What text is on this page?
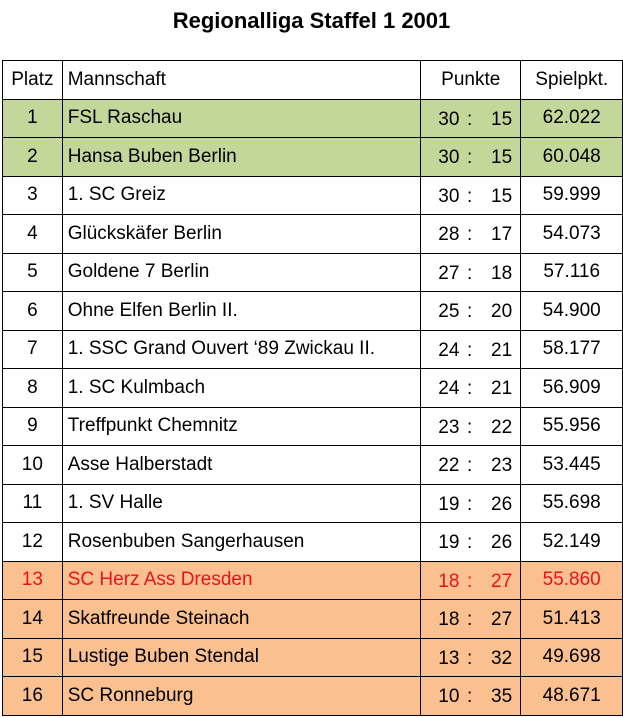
Regionalliga Staffel 1 2001
Platz	Mannschaft	Punkte	Spielpkt.
1	FSL Raschau	30 : 15	62.022
2	Hansa Buben Berlin	30 : 15	60.048
3	1. SC Greiz	30 : 15	59.999
4	Glückskäfer Berlin	28 : 17	54.073
5	Goldene 7 Berlin	27 : 18	57.116
6	Ohne Elfen Berlin II.	25 : 20	54.900
7	1. SSC Grand Ouvert ‘89 Zwickau II.	24 : 21	58.177
8	1. SC Kulmbach	24 : 21	56.909
9	Treffpunkt Chemnitz	23 : 22	55.956
10	Asse Halberstadt	22 : 23	53.445
11	1. SV Halle	19 : 26	55.698
12	Rosenbuben Sangerhausen	19 : 26	52.149
13	SC Herz Ass Dresden	18 : 27	55.860
14	Skatfreunde Steinach	18 : 27	51.413
15	Lustige Buben Stendal	13 : 32	49.698
16	SC Ronneburg	10 : 35	48.671
